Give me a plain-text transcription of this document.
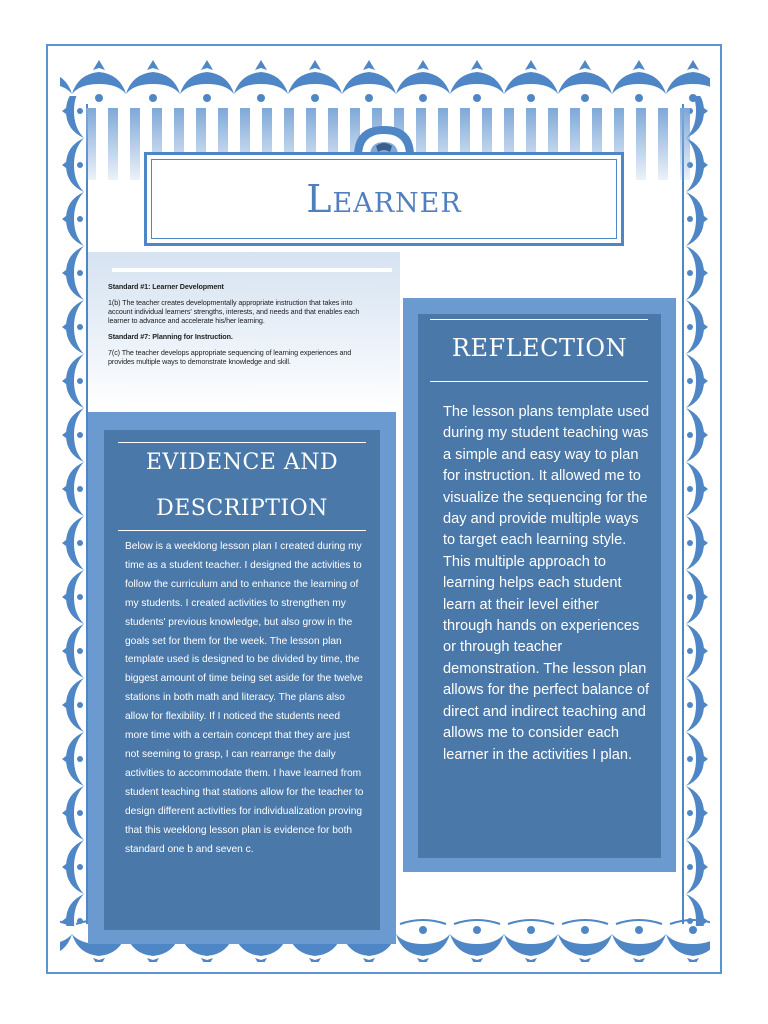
Learner

Standard #1: Learner Development

1(b) The teacher creates developmentally appropriate instruction that takes into account individual learners' strengths, interests, and needs and that enables each learner to advance and accelerate his/her learning.

Standard #7: Planning for Instruction.

7(c) The teacher develops appropriate sequencing of learning experiences and provides multiple ways to demonstrate knowledge and skill.

EVIDENCE AND
DESCRIPTION
Below is a weeklong lesson plan I created during my time as a student teacher. I designed the activities to follow the curriculum and to enhance the learning of my students. I created activities to strengthen my students' previous knowledge, but also grow in the goals set for them for the week. The lesson plan template used is designed to be divided by time, the biggest amount of time being set aside for the twelve stations in both math and literacy. The plans also allow for flexibility. If I noticed the students need more time with a certain concept that they are just not seeming to grasp, I can rearrange the daily activities to accommodate them. I have learned from student teaching that stations allow for the teacher to design different activities for individualization proving that this weeklong lesson plan is evidence for both standard one b and seven c.
REFLECTION
The lesson plans template used during my student teaching was a simple and easy way to plan for instruction. It allowed me to visualize the sequencing for the day and provide multiple ways to target each learning style. This multiple approach to learning helps each student learn at their level either through hands on experiences or through teacher demonstration. The lesson plan allows for the perfect balance of direct and indirect teaching and allows me to consider each learner in the activities I plan.
